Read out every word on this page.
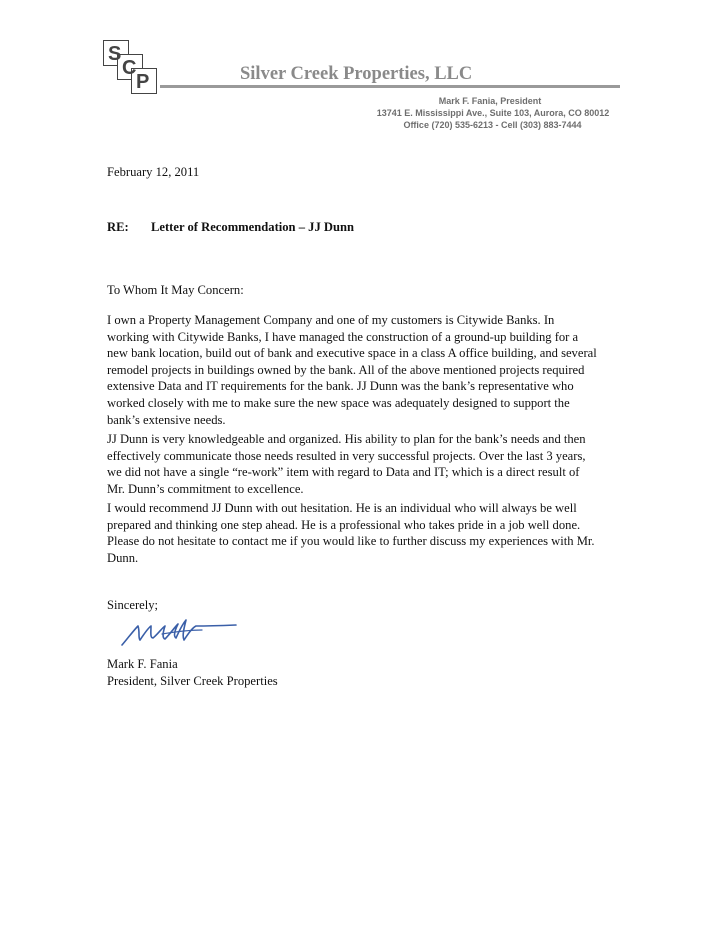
S
C
P	Silver Creek Properties, LLC
Mark F. Fania, President
13741 E. Mississippi Ave., Suite 103, Aurora, CO 80012
Office (720) 535-6213 - Cell (303) 883-7444
February 12, 2011
RE: Letter of Recommendation – JJ Dunn
To Whom It May Concern:
I own a Property Management Company and one of my customers is Citywide Banks. In
working with Citywide Banks, I have managed the construction of a ground-up building for a
new bank location, build out of bank and executive space in a class A office building, and several
remodel projects in buildings owned by the bank. All of the above mentioned projects required
extensive Data and IT requirements for the bank. JJ Dunn was the bank’s representative who
worked closely with me to make sure the new space was adequately designed to support the
bank’s extensive needs.
JJ Dunn is very knowledgeable and organized. His ability to plan for the bank’s needs and then
effectively communicate those needs resulted in very successful projects. Over the last 3 years,
we did not have a single “re-work” item with regard to Data and IT; which is a direct result of
Mr. Dunn’s commitment to excellence.
I would recommend JJ Dunn with out hesitation. He is an individual who will always be well
prepared and thinking one step ahead. He is a professional who takes pride in a job well done.
Please do not hesitate to contact me if you would like to further discuss my experiences with Mr.
Dunn.
Sincerely;
Mark F. Fania
President, Silver Creek Properties
